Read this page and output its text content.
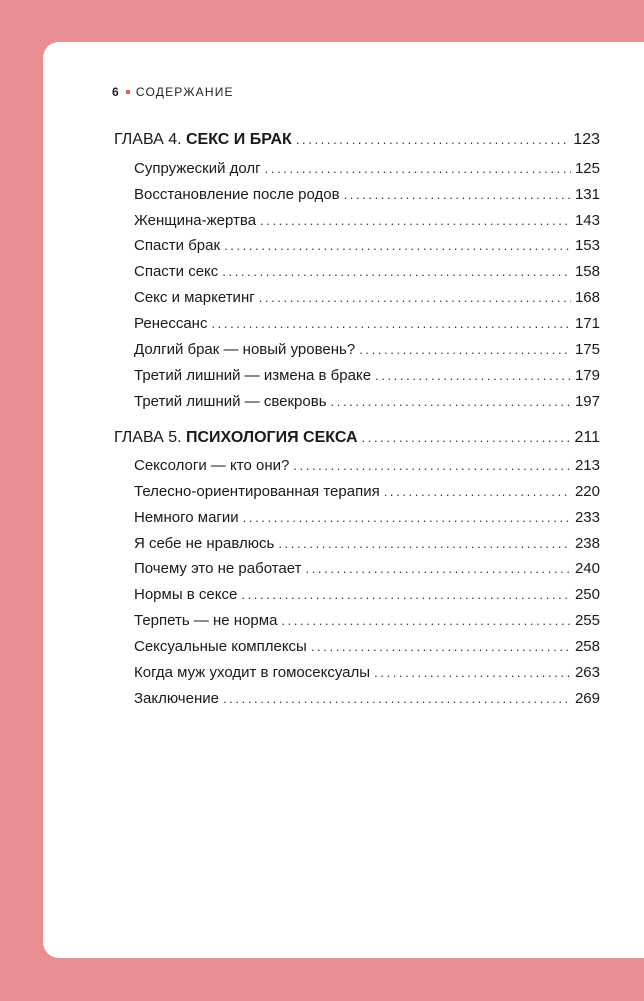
6 СОДЕРЖАНИЕ
ГЛАВА 4. СЕКС И БРАК .....	123
Супружеский долг .....	125
Восстановление после родов .....	131
Женщина-жертва .....	143
Спасти брак .....	153
Спасти секс .....	158
Секс и маркетинг .....	168
Ренессанс .....	171
Долгий брак — новый уровень? .....	175
Третий лишний — измена в браке .....	179
Третий лишний — свекровь .....	197
ГЛАВА 5. ПСИХОЛОГИЯ СЕКСА .....	211
Сексологи — кто они? .....	213
Телесно-ориентированная терапия .....	220
Немного магии .....	233
Я себе не нравлюсь .....	238
Почему это не работает .....	240
Нормы в сексе .....	250
Терпеть — не норма .....	255
Сексуальные комплексы .....	258
Когда муж уходит в гомосексуалы .....	263
Заключение .....	269
